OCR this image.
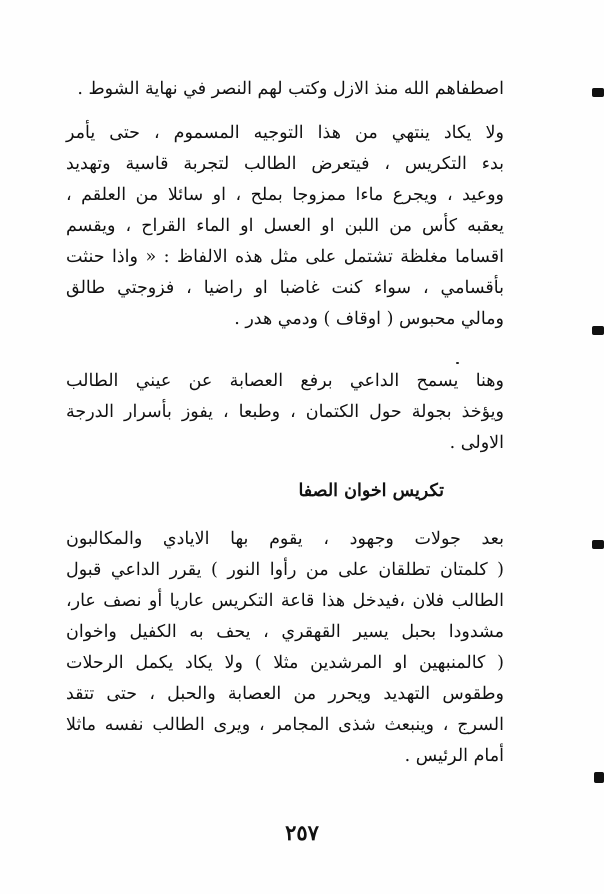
اصطفاهم الله منذ الازل وكتب لهم النصر في نهاية الشوط .
ولا يكاد ينتهي من هذا التوجيه المسموم ، حتى يأمر
بدء التكريس ، فيتعرض الطالب لتجربة قاسية وتهديد
ووعيد ، ويجرع ماءا ممزوجا بملح ، او سائلا من العلقم ،
يعقبه كأس من اللبن او العسل او الماء القراح ، ويقسم
اقساما مغلظة تشتمل على مثل هذه الالفاظ : « واذا حنثت
بأقسامي ، سواء كنت غاضبا او راضيا ، فزوجتي طالق
ومالي محبوس ( اوقاف ) ودمي هدر .
وهنا يسمح الداعي برفع العصابة عن عيني الطالب
ويؤخذ بجولة حول الكتمان ، وطبعا ، يفوز بأسرار الدرجة
الاولى .
تكريس اخوان الصفا
بعد جولات وجهود ، يقوم بها الايادي والمكالبون
( كلمتان تطلقان على من رأوا النور ) يقرر الداعي قبول
الطالب فلان ،فيدخل هذا قاعة التكريس عاريا أو نصف عار،
مشدودا بحبل يسير القهقري ، يحف به الكفيل واخوان
( كالمنبهين او المرشدين مثلا ) ولا يكاد يكمل الرحلات
وطقوس التهديد ويحرر من العصابة والحبل ، حتى تتقد
السرج ، وينبعث شذى المجامر ، ويرى الطالب نفسه ماثلا
أمام الرئيس .
٢٥٧
